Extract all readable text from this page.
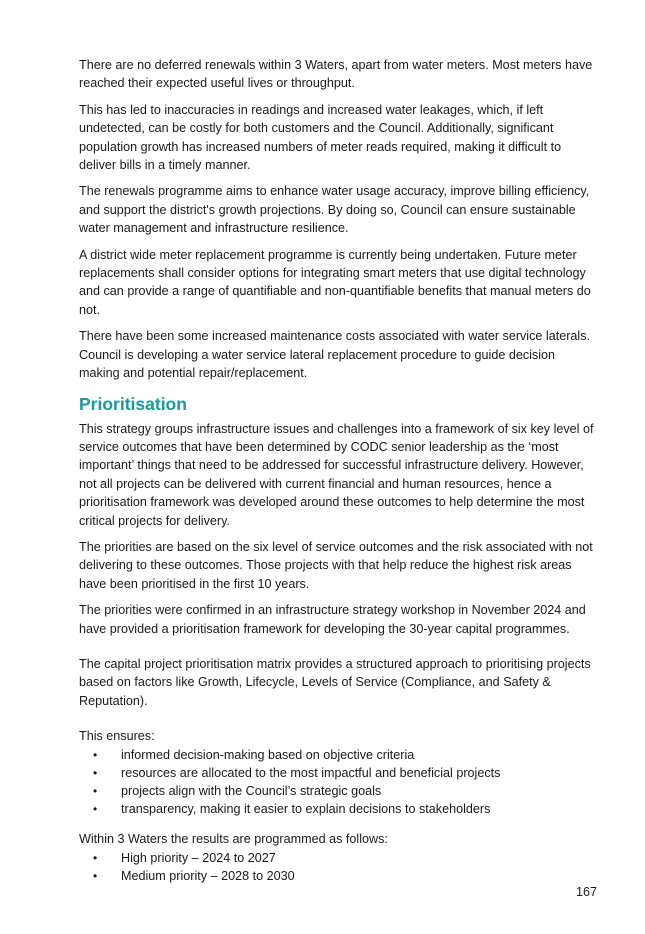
There are no deferred renewals within 3 Waters, apart from water meters. Most meters have reached their expected useful lives or throughput.

This has led to inaccuracies in readings and increased water leakages, which, if left undetected, can be costly for both customers and the Council. Additionally, significant population growth has increased numbers of meter reads required, making it difficult to deliver bills in a timely manner.

The renewals programme aims to enhance water usage accuracy, improve billing efficiency, and support the district's growth projections. By doing so, Council can ensure sustainable water management and infrastructure resilience.

A district wide meter replacement programme is currently being undertaken. Future meter replacements shall consider options for integrating smart meters that use digital technology and can provide a range of quantifiable and non-quantifiable benefits that manual meters do not.

There have been some increased maintenance costs associated with water service laterals. Council is developing a water service lateral replacement procedure to guide decision making and potential repair/replacement.

Prioritisation

This strategy groups infrastructure issues and challenges into a framework of six key level of service outcomes that have been determined by CODC senior leadership as the ‘most important’ things that need to be addressed for successful infrastructure delivery. However, not all projects can be delivered with current financial and human resources, hence a prioritisation framework was developed around these outcomes to help determine the most critical projects for delivery.

The priorities are based on the six level of service outcomes and the risk associated with not delivering to these outcomes. Those projects with that help reduce the highest risk areas have been prioritised in the first 10 years.

The priorities were confirmed in an infrastructure strategy workshop in November 2024 and have provided a prioritisation framework for developing the 30-year capital programmes.

The capital project prioritisation matrix provides a structured approach to prioritising projects based on factors like Growth, Lifecycle, Levels of Service (Compliance, and Safety & Reputation).

This ensures:

• informed decision-making based on objective criteria
• resources are allocated to the most impactful and beneficial projects
• projects align with the Council’s strategic goals
• transparency, making it easier to explain decisions to stakeholders

Within 3 Waters the results are programmed as follows:

• High priority – 2024 to 2027
• Medium priority – 2028 to 2030
167
